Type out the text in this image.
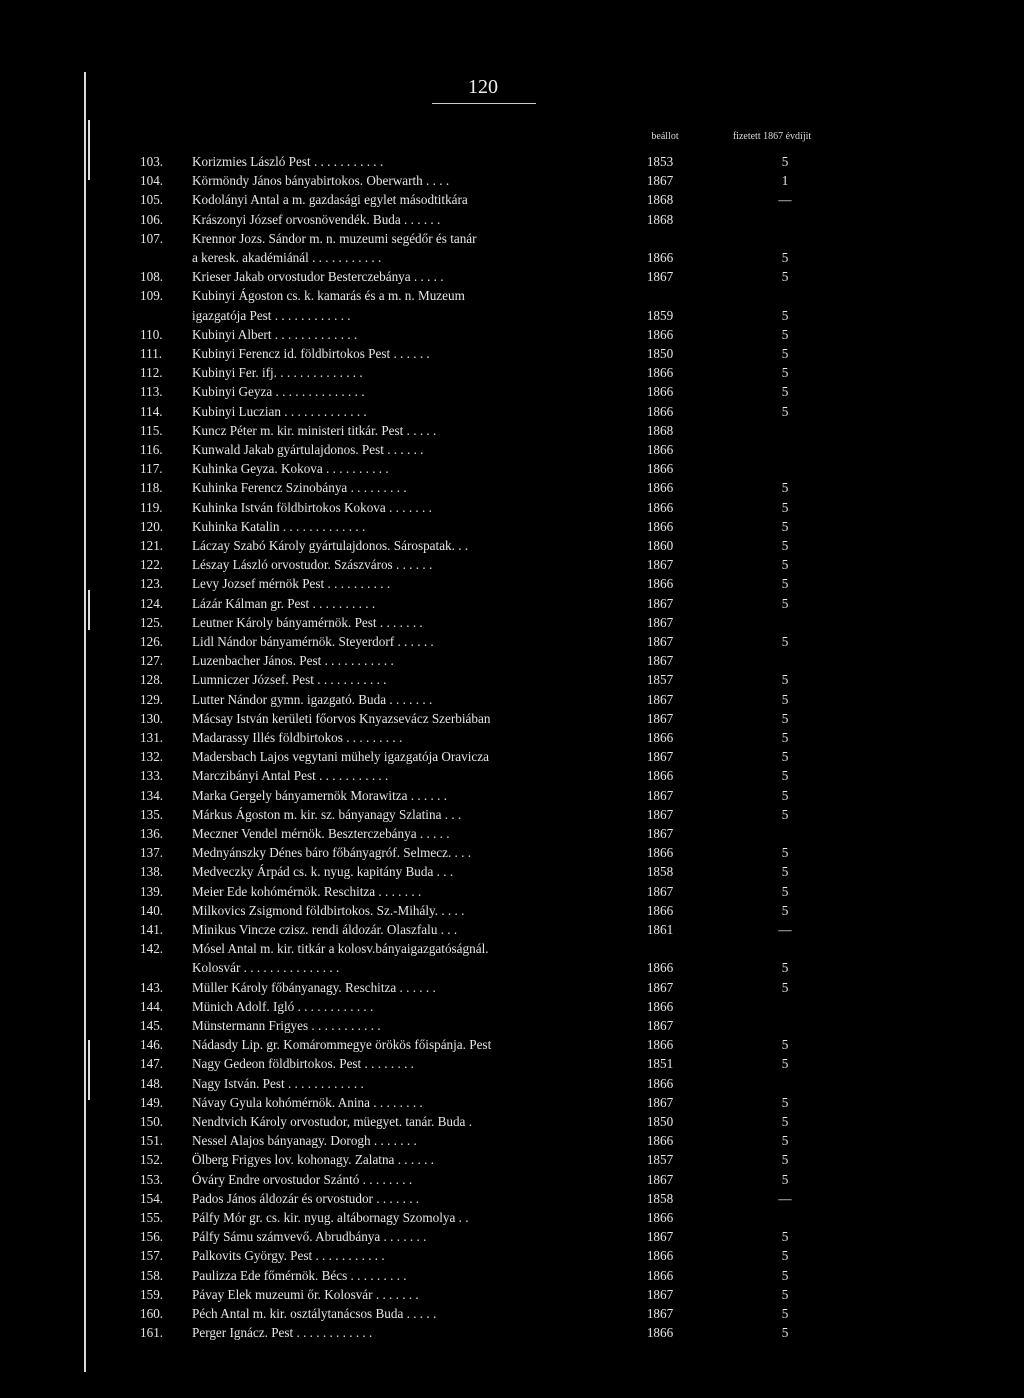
120
beállot	fizetett 1867 évdíjit
103.	Korizmies László Pest . . . . . . . . . . .	1853	5
104.	Körmöndy János bányabirtokos. Oberwarth . . . .	1867	1
105.	Kodolányi Antal a m. gazdasági egylet másodtitkára	1868	—
106.	Krászonyi József orvosnövendék. Buda . . . . . .	1868
107.	Krennor Jozs. Sándor m. n. muzeumi segédőr és tanár
a keresk. akadémiánál . . . . . . . . . . .	1866	5
108.	Krieser Jakab orvostudor Besterczebánya . . . . .	1867	5
109.	Kubinyi Ágoston cs. k. kamarás és a m. n. Muzeum
igazgatója Pest . . . . . . . . . . . .	1859	5
110.	Kubinyi Albert . . . . . . . . . . . . .	1866	5
111.	Kubinyi Ferencz id. földbirtokos Pest . . . . . .	1850	5
112.	Kubinyi Fer. ifj. . . . . . . . . . . . . .	1866	5
113.	Kubinyi Geyza . . . . . . . . . . . . . .	1866	5
114.	Kubinyi Luczian . . . . . . . . . . . . .	1866	5
115.	Kuncz Péter m. kir. ministeri titkár. Pest . . . . .	1868
116.	Kunwald Jakab gyártulajdonos. Pest . . . . . .	1866
117.	Kuhinka Geyza. Kokova . . . . . . . . . .	1866
118.	Kuhinka Ferencz Szinobánya . . . . . . . . .	1866	5
119.	Kuhinka István földbirtokos Kokova . . . . . . .	1866	5
120.	Kuhinka Katalin . . . . . . . . . . . . .	1866	5
121.	Láczay Szabó Károly gyártulajdonos. Sárospatak. . .	1860	5
122.	Lészay László orvostudor. Szászváros . . . . . .	1867	5
123.	Levy Jozsef mérnök Pest . . . . . . . . . .	1866	5
124.	Lázár Kálman gr. Pest . . . . . . . . . .	1867	5
125.	Leutner Károly bányamérnök. Pest . . . . . . .	1867
126.	Lidl Nándor bányamérnök. Steyerdorf . . . . . .	1867	5
127.	Luzenbacher János. Pest . . . . . . . . . . .	1867
128.	Lumniczer József. Pest . . . . . . . . . . .	1857	5
129.	Lutter Nándor gymn. igazgató. Buda . . . . . . .	1867	5
130.	Mácsay István kerületi főorvos Knyazsevácz Szerbiában	1867	5
131.	Madarassy Illés földbirtokos . . . . . . . . .	1866	5
132.	Madersbach Lajos vegytani mühely igazgatója Oravicza	1867	5
133.	Marczibányi Antal Pest . . . . . . . . . . .	1866	5
134.	Marka Gergely bányamernök Morawitza . . . . . .	1867	5
135.	Márkus Ágoston m. kir. sz. bányanagy Szlatina . . .	1867	5
136.	Meczner Vendel mérnök. Beszterczebánya . . . . .	1867
137.	Mednyánszky Dénes báro főbányagróf. Selmecz. . . .	1866	5
138.	Medveczky Árpád cs. k. nyug. kapitány Buda . . .	1858	5
139.	Meier Ede kohómérnök. Reschitza . . . . . . .	1867	5
140.	Milkovics Zsigmond földbirtokos. Sz.-Mihály. . . . .	1866	5
141.	Minikus Vincze czisz. rendi áldozár. Olaszfalu . . .	1861	—
142.	Mósel Antal m. kir. titkár a kolosv.bányaigazgatóságnál.
Kolosvár . . . . . . . . . . . . . . .	1866	5
143.	Müller Károly főbányanagy. Reschitza . . . . . .	1867	5
144.	Münich Adolf. Igló . . . . . . . . . . . .	1866
145.	Münstermann Frigyes . . . . . . . . . . .	1867
146.	Nádasdy Lip. gr. Komárommegye örökös főispánja. Pest	1866	5
147.	Nagy Gedeon földbirtokos. Pest . . . . . . . .	1851	5
148.	Nagy István. Pest . . . . . . . . . . . .	1866
149.	Návay Gyula kohómérnök. Anina . . . . . . . .	1867	5
150.	Nendtvich Károly orvostudor, müegyet. tanár. Buda .	1850	5
151.	Nessel Alajos bányanagy. Dorogh . . . . . . .	1866	5
152.	Ölberg Frigyes lov. kohonagy. Zalatna . . . . . .	1857	5
153.	Óváry Endre orvostudor Szántó . . . . . . . .	1867	5
154.	Pados János áldozár és orvostudor . . . . . . .	1858	—
155.	Pálfy Mór gr. cs. kir. nyug. altábornagy Szomolya . .	1866
156.	Pálfy Sámu számvevő. Abrudbánya . . . . . . .	1867	5
157.	Palkovits György. Pest . . . . . . . . . . .	1866	5
158.	Paulizza Ede főmérnök. Bécs . . . . . . . . .	1866	5
159.	Pávay Elek muzeumi őr. Kolosvár . . . . . . .	1867	5
160.	Péch Antal m. kir. osztálytanácsos Buda . . . . .	1867	5
161.	Perger Ignácz. Pest . . . . . . . . . . . .	1866	5
